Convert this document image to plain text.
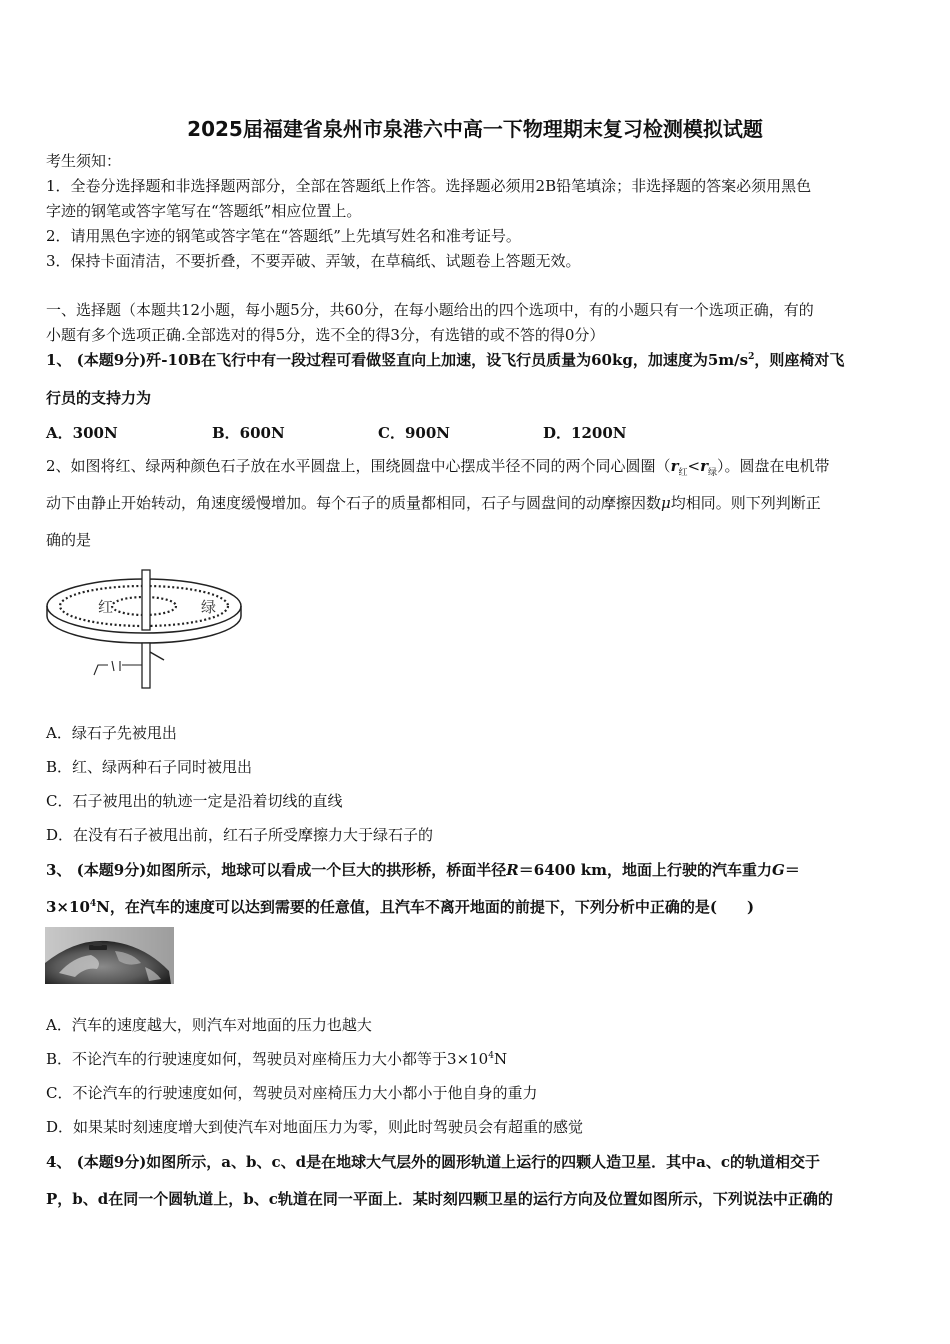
2025届福建省泉州市泉港六中高一下物理期末复习检测模拟试题
考生须知：
1．全卷分选择题和非选择题两部分，全部在答题纸上作答。选择题必须用2B铅笔填涂；非选择题的答案必须用黑色
字迹的钢笔或答字笔写在“答题纸”相应位置上。
2．请用黑色字迹的钢笔或答字笔在“答题纸”上先填写姓名和准考证号。
3．保持卡面清洁，不要折叠，不要弄破、弄皱，在草稿纸、试题卷上答题无效。
一、选择题（本题共12小题，每小题5分，共60分，在每小题给出的四个选项中，有的小题只有一个选项正确，有的
小题有多个选项正确.全部选对的得5分，选不全的得3分，有选错的或不答的得0分）
1、 (本题9分)歼-10B在飞行中有一段过程可看做竖直向上加速，设飞行员质量为60kg，加速度为$5m/s^2$，则座椅对飞
行员的支持力为
A．300N	B．600N	C．900N	D．1200N
2、如图将红、绿两种颜色石子放在水平圆盘上，围绕圆盘中心摆成半径不同的两个同心圆圈$(r_红<r_绿)$。圆盘在电机带
动下由静止开始转动，角速度缓慢增加。每个石子的质量都相同，石子与圆盘间的动摩擦因数μ均相同。则下列判断正
确的是
红	绿
A．绿石子先被甩出
B．红、绿两种石子同时被甩出
C．石子被甩出的轨迹一定是沿着切线的直线
D．在没有石子被甩出前，红石子所受摩擦力大于绿石子的
3、 (本题9分)如图所示，地球可以看成一个巨大的拱形桥，桥面半径R＝6400 km，地面上行驶的汽车重力G＝
$3\times 10^4N$，在汽车的速度可以达到需要的任意值，且汽车不离开地面的前提下，下列分析中正确的是(　　)
A．汽车的速度越大，则汽车对地面的压力也越大
B．不论汽车的行驶速度如何，驾驶员对座椅压力大小都等于$3\times 10^4N$
C．不论汽车的行驶速度如何，驾驶员对座椅压力大小都小于他自身的重力
D．如果某时刻速度增大到使汽车对地面压力为零，则此时驾驶员会有超重的感觉
4、 (本题9分)如图所示，a、b、c、d是在地球大气层外的圆形轨道上运行的四颗人造卫星．其中a、c的轨道相交于
P，b、d在同一个圆轨道上，b、c轨道在同一平面上．某时刻四颗卫星的运行方向及位置如图所示，下列说法中正确的
